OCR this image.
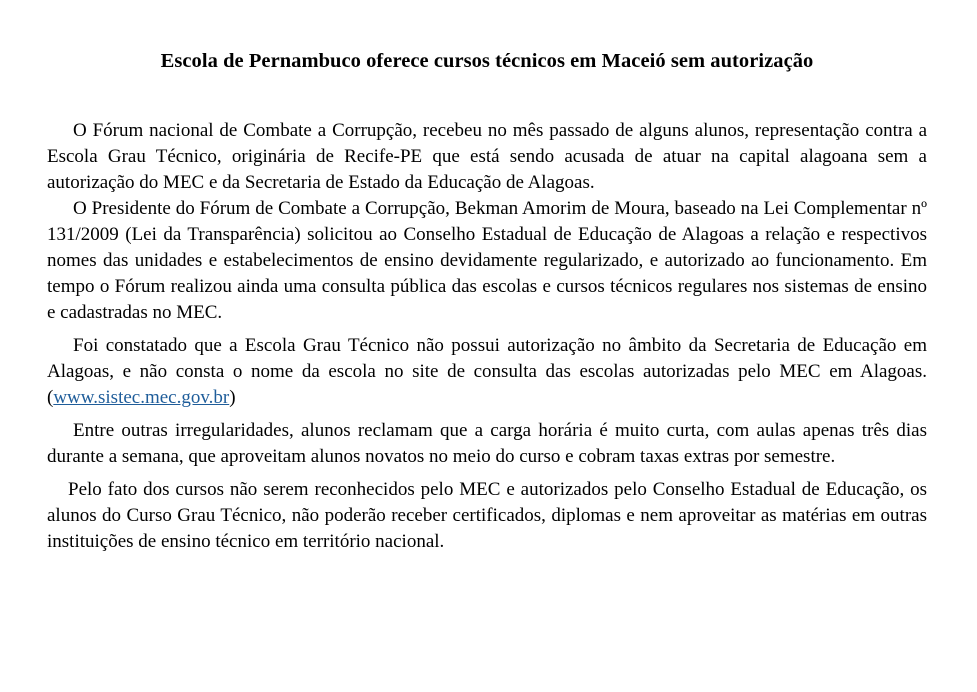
Escola de Pernambuco oferece cursos técnicos em Maceió sem autorização

O Fórum nacional de Combate a Corrupção, recebeu no mês passado de alguns alunos, representação contra a Escola Grau Técnico, originária de Recife-PE que está sendo acusada de atuar na capital alagoana sem a autorização do MEC e da Secretaria de Estado da Educação de Alagoas.

O Presidente do Fórum de Combate a Corrupção, Bekman Amorim de Moura, baseado na Lei Complementar nº 131/2009 (Lei da Transparência) solicitou ao Conselho Estadual de Educação de Alagoas a relação e respectivos nomes das unidades e estabelecimentos de ensino devidamente regularizado, e autorizado ao funcionamento. Em tempo o Fórum realizou ainda uma consulta pública das escolas e cursos técnicos regulares nos sistemas de ensino e cadastradas no MEC.

Foi constatado que a Escola Grau Técnico não possui autorização no âmbito da Secretaria de Educação em Alagoas, e não consta o nome da escola no site de consulta das escolas autorizadas pelo MEC em Alagoas. (www.sistec.mec.gov.br)

Entre outras irregularidades, alunos reclamam que a carga horária é muito curta, com aulas apenas três dias durante a semana, que aproveitam alunos novatos no meio do curso e cobram taxas extras por semestre.

Pelo fato dos cursos não serem reconhecidos pelo MEC e autorizados pelo Conselho Estadual de Educação, os alunos do Curso Grau Técnico, não poderão receber certificados, diplomas e nem aproveitar as matérias em outras instituições de ensino técnico em território nacional.
